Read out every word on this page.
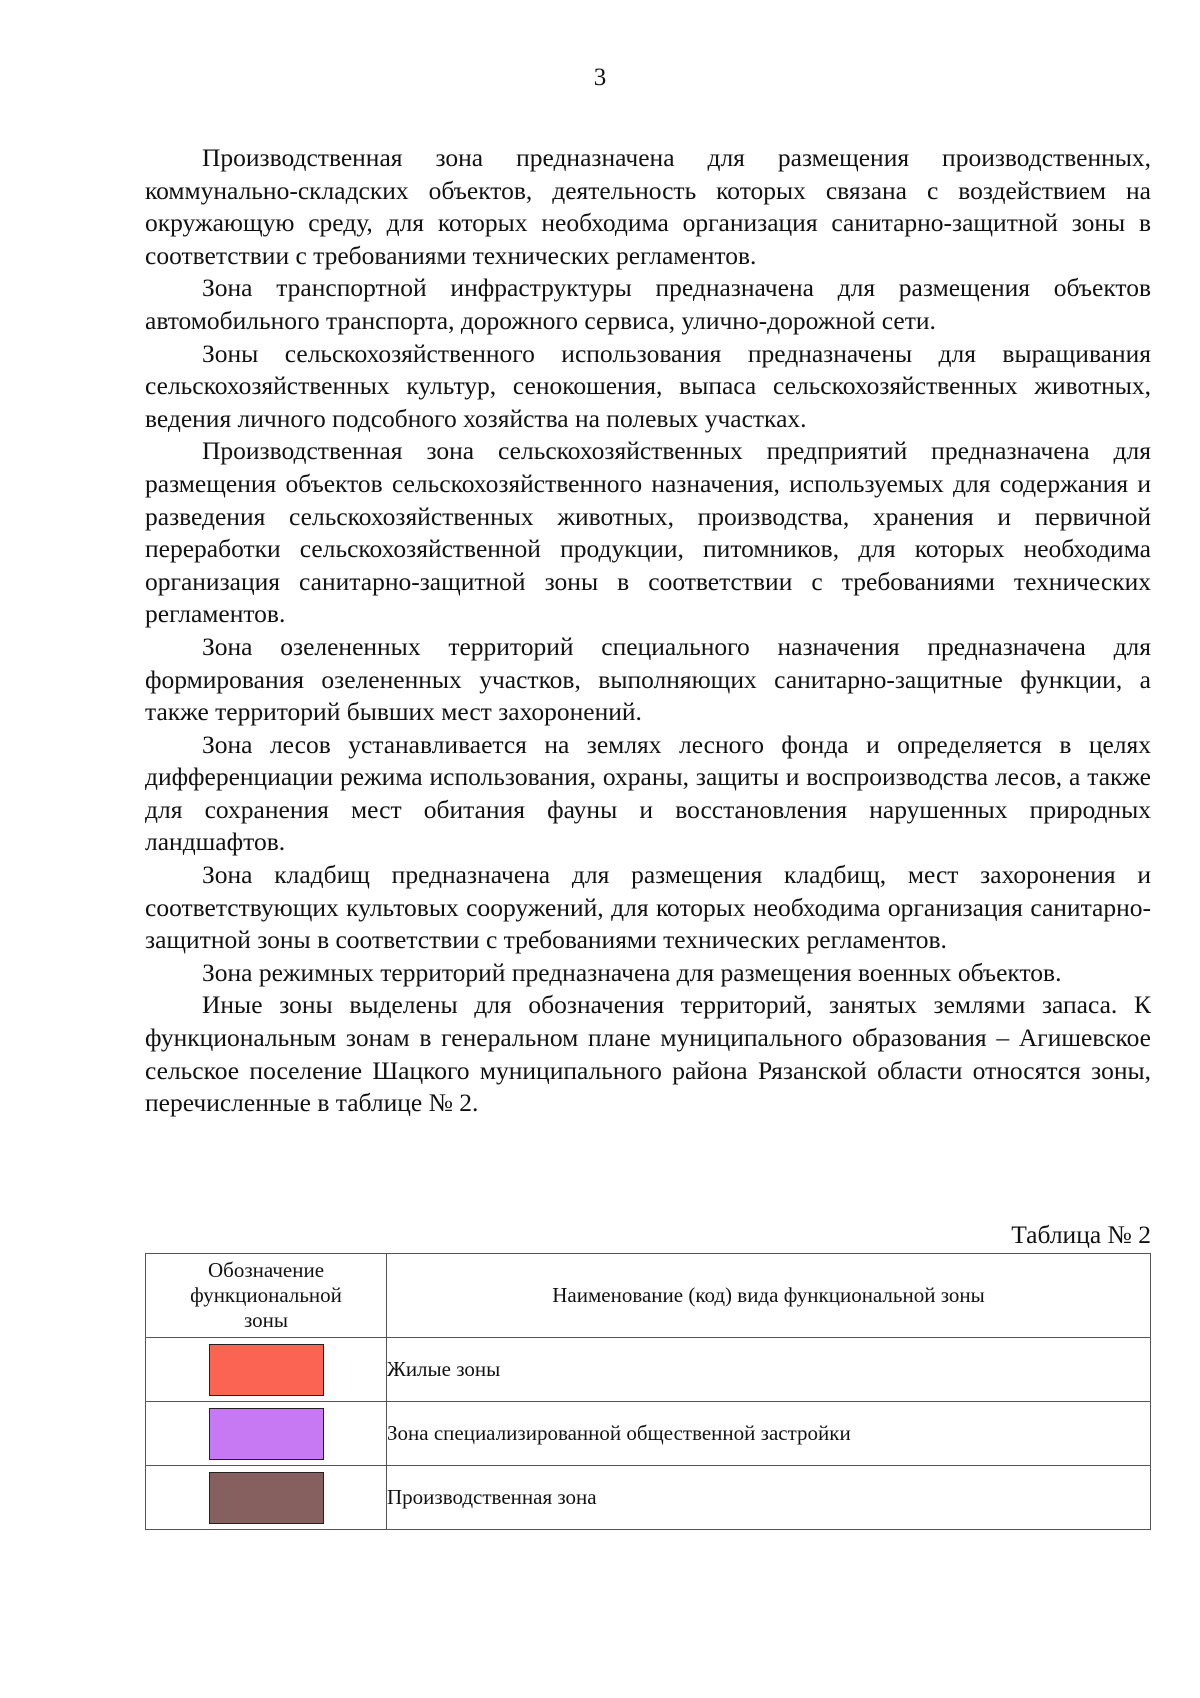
3

Производственная зона предназначена для размещения производственных, коммунально-складских объектов, деятельность которых связана с воздействием на окружающую среду, для которых необходима организация санитарно-защитной зоны в соответствии с требованиями технических регламентов.

Зона транспортной инфраструктуры предназначена для размещения объектов автомобильного транспорта, дорожного сервиса, улично-дорожной сети.

Зоны сельскохозяйственного использования предназначены для выращивания сельскохозяйственных культур, сенокошения, выпаса сельскохозяйственных животных, ведения личного подсобного хозяйства на полевых участках.

Производственная зона сельскохозяйственных предприятий предназначена для размещения объектов сельскохозяйственного назначения, используемых для содержания и разведения сельскохозяйственных животных, производства, хранения и первичной переработки сельскохозяйственной продукции, питомников, для которых необходима организация санитарно-защитной зоны в соответствии с требованиями технических регламентов.

Зона озелененных территорий специального назначения предназначена для формирования озелененных участков, выполняющих санитарно-защитные функции, а также территорий бывших мест захоронений.

Зона лесов устанавливается на землях лесного фонда и определяется в целях дифференциации режима использования, охраны, защиты и воспроизводства лесов, а также для сохранения мест обитания фауны и восстановления нарушенных природных ландшафтов.

Зона кладбищ предназначена для размещения кладбищ, мест захоронения и соответствующих культовых сооружений, для которых необходима организация санитарно-защитной зоны в соответствии с требованиями технических регламентов.

Зона режимных территорий предназначена для размещения военных объектов.

Иные зоны выделены для обозначения территорий, занятых землями запаса. К функциональным зонам в генеральном плане муниципального образования – Агишевское сельское поселение Шацкого муниципального района Рязанской области относятся зоны, перечисленные в таблице № 2.

Таблица № 2
Обозначение
функциональной
зоны	Наименование (код) вида функциональной зоны
	Жилые зоны
	Зона специализированной общественной застройки
	Производственная зона
